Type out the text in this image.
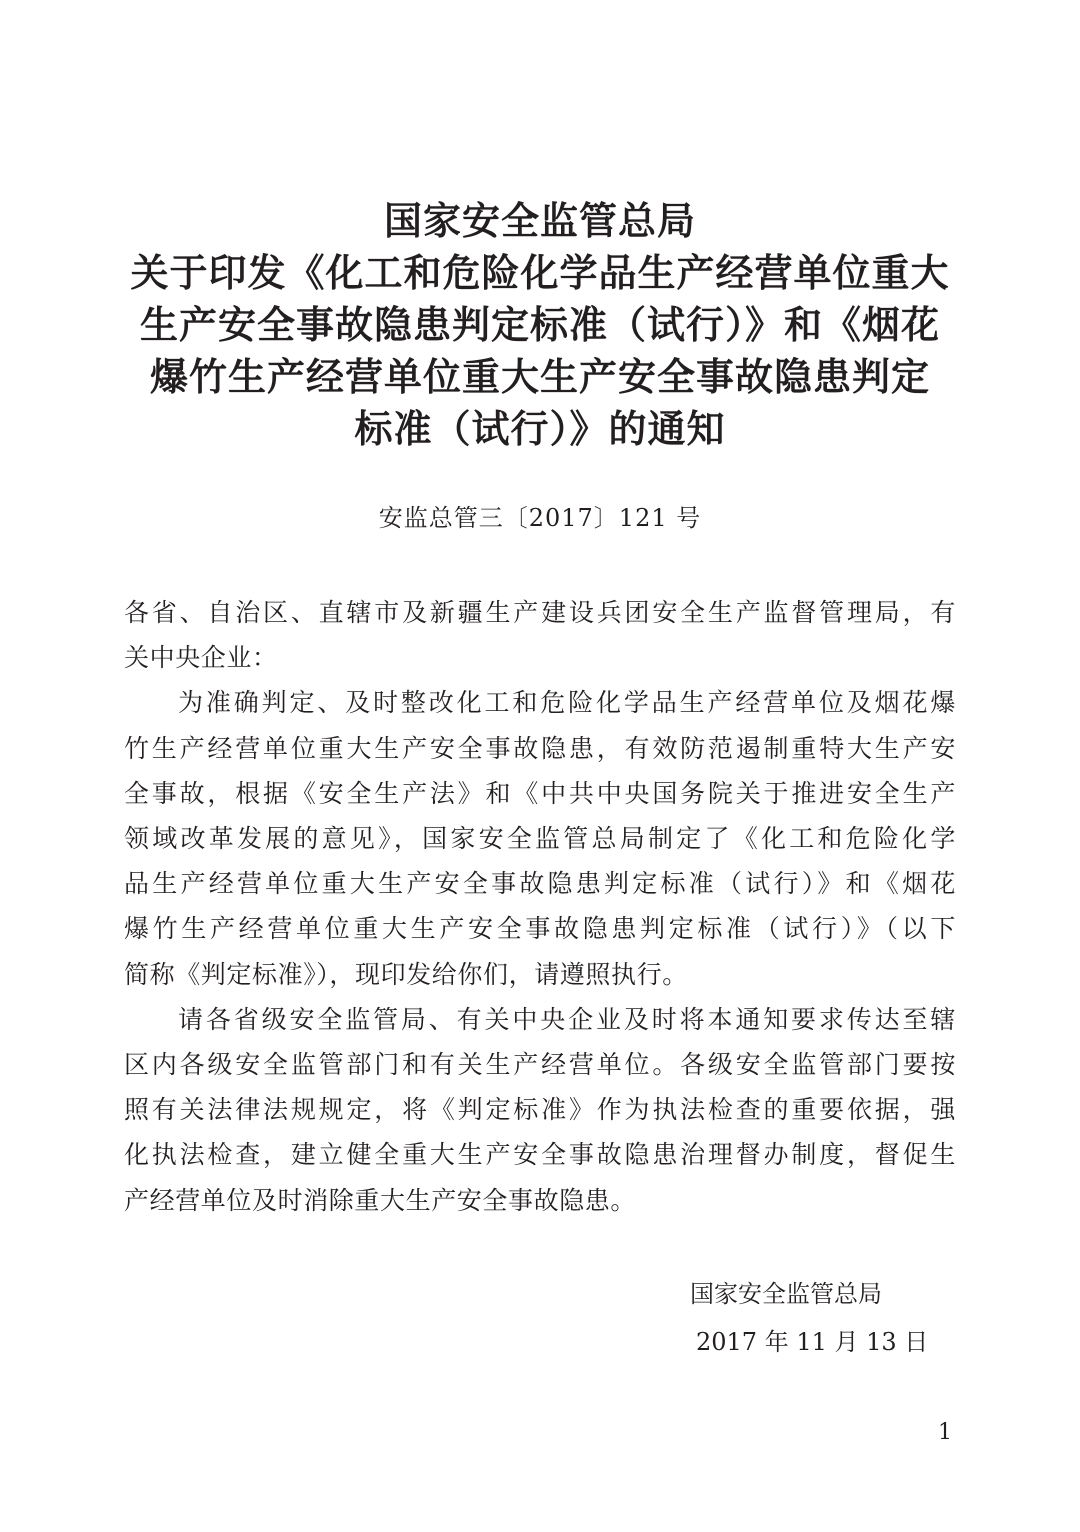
国家安全监管总局
关于印发《化工和危险化学品生产经营单位重大
生产安全事故隐患判定标准（试行）》和《烟花
爆竹生产经营单位重大生产安全事故隐患判定
标准（试行）》的通知
安监总管三〔2017〕121 号
各省、自治区、直辖市及新疆生产建设兵团安全生产监督管理局，有
关中央企业：
为准确判定、及时整改化工和危险化学品生产经营单位及烟花爆
竹生产经营单位重大生产安全事故隐患，有效防范遏制重特大生产安
全事故，根据《安全生产法》和《中共中央国务院关于推进安全生产
领域改革发展的意见》，国家安全监管总局制定了《化工和危险化学
品生产经营单位重大生产安全事故隐患判定标准（试行）》和《烟花
爆竹生产经营单位重大生产安全事故隐患判定标准（试行）》（以下
简称《判定标准》），现印发给你们，请遵照执行。
请各省级安全监管局、有关中央企业及时将本通知要求传达至辖
区内各级安全监管部门和有关生产经营单位。各级安全监管部门要按
照有关法律法规规定，将《判定标准》作为执法检查的重要依据，强
化执法检查，建立健全重大生产安全事故隐患治理督办制度，督促生
产经营单位及时消除重大生产安全事故隐患。
国家安全监管总局
2017 年 11 月 13 日
1
